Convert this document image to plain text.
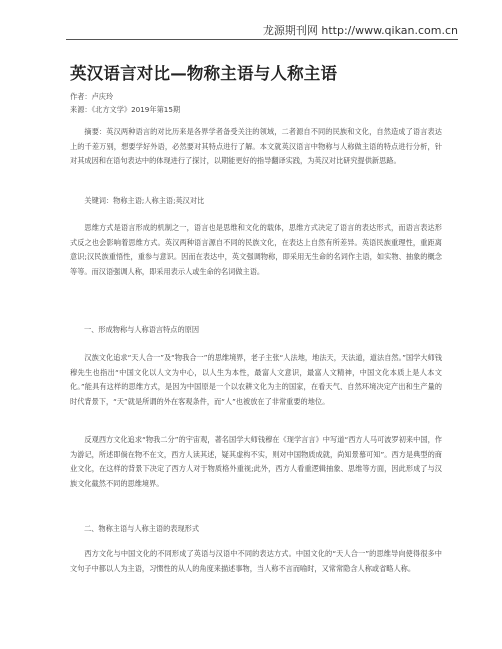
龙源期刊网 http://www.qikan.com.cn
英汉语言对比—物称主语与人称主语
作者：卢庆玲
来源：《北方文学》2019年第15期

摘要：英汉两种语言的对比历来是各界学者备受关注的领域，二者源自不同的民族和文化，自然造成了语言表达上的千差万别，想要学好外语，必然要对其特点进行了解。本文就英汉语言中物称与人称做主语的特点进行分析，针对其成因和在语句表达中的体现进行了探讨，以期能更好的指导翻译实践，为英汉对比研究提供新思路。

关键词：物称主语;人称主语;英汉对比

思维方式是语言形成的机制之一，语言也是思维和文化的载体，思维方式决定了语言的表达形式，而语言表达形式反之也会影响着思维方式。英汉两种语言源自不同的民族文化，在表达上自然有所差异。英语民族重理性，重距离意识;汉民族重悟性，重参与意识。因而在表达中，英文强调物称，即采用无生命的名词作主语，如实物、抽象的概念等等。而汉语强调人称，即采用表示人或生命的名词做主语。

一、形成物称与人称语言特点的原因

汉族文化追求“天人合一”及“物我合一”的思维境界，老子主张“人法地，地法天，天法道，道法自然。”国学大师钱穆先生也指出“中国文化以人文为中心，以人生为本性，最富人文意识，最富人文精神，中国文化本质上是人本文化。”能具有这样的思维方式，是因为中国原是一个以农耕文化为主的国家，在看天气、自然环境决定产出和生产量的时代背景下，“天”就是所谓的外在客观条件，而“人”也被放在了非常重要的地位。

反观西方文化追求“物我二分”的宇宙观，著名国学大师钱穆在《现学言言》中写道“西方人马可波罗初来中国，作为游记，所述即倘在物不在文，西方人读其述，疑其虚构不实，则对中国物质成就，尚知景慕可知”。西方是典型的商业文化，在这样的背景下决定了西方人对于物质格外重视;此外，西方人看重逻辑抽象、思维等方面，因此形成了与汉族文化截然不同的思维境界。

二、物称主语与人称主语的表现形式

西方文化与中国文化的不同形成了英语与汉语中不同的表达方式。中国文化的“天人合一”的思维导向使得很多中文句子中都以人为主语，习惯性的从人的角度来描述事物，当人称不言而喻时，又常常隐含人称或省略人称。
